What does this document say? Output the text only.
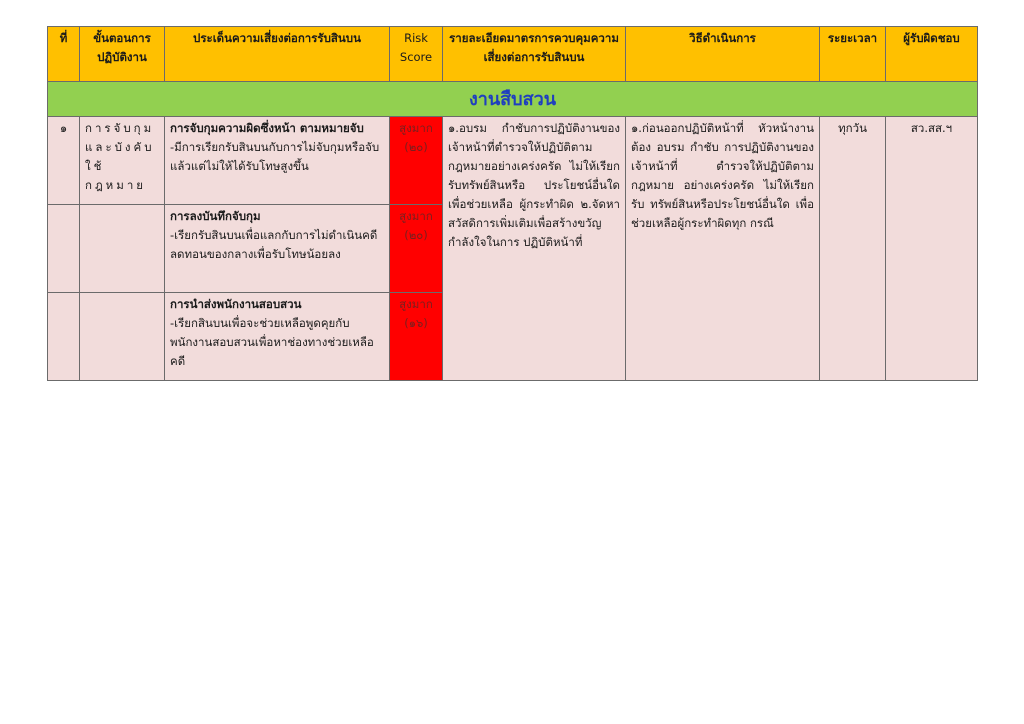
ที่	ขั้นตอนการปฏิบัติงาน	ประเด็นความเสี่ยงต่อการรับสินบน	Risk Score	รายละเอียดมาตรการควบคุมความเสี่ยงต่อการรับสินบน	วิธีดำเนินการ	ระยะเวลา	ผู้รับผิดชอบ
งานสืบสวน							
๑	การจับกุมและบังคับใช้กฎหมาย	การจับกุมความผิดซึ่งหน้า ตามหมายจับ
-มีการเรียกรับสินบนกับการไม่จับกุมหรือจับแล้วแต่ไม่ให้ได้รับโทษสูงขึ้น	สูงมาก (๒๐)	๑.อบรม กำชับการปฏิบัติงานของเจ้าหน้าที่ตำรวจให้ปฏิบัติตามกฎหมายอย่างเคร่งครัด ไม่ให้เรียกรับทรัพย์สินหรือ ประโยชน์อื่นใดเพื่อช่วยเหลือ ผู้กระทำผิด ๒.จัดหาสวัสดิการเพิ่มเติมเพื่อสร้างขวัญกำลังใจในการ ปฏิบัติหน้าที่	๑.ก่อนออกปฏิบัติหน้าที่ หัวหน้างาน ต้อง อบรม กำชับ การปฏิบัติงานของ เจ้าหน้าที่ ตำรวจให้ปฏิบัติตาม กฎหมาย อย่างเคร่งครัด ไม่ให้เรียก รับ ทรัพย์สินหรือประโยชน์อื่นใด เพื่อ ช่วยเหลือผู้กระทำผิดทุก กรณี	ทุกวัน	สว.สส.ฯ

		การลงบันทึกจับกุม
-เรียกรับสินบนเพื่อแลกกับการไม่ดำเนินคดี ลดทอนของกลางเพื่อรับโทษน้อยลง	สูงมาก (๒๐)				

		การนำส่งพนักงานสอบสวน
-เรียกสินบนเพื่อจะช่วยเหลือพูดคุยกับพนักงานสอบสวนเพื่อหาช่องทางช่วยเหลือคดี	สูงมาก (๑๖)				
